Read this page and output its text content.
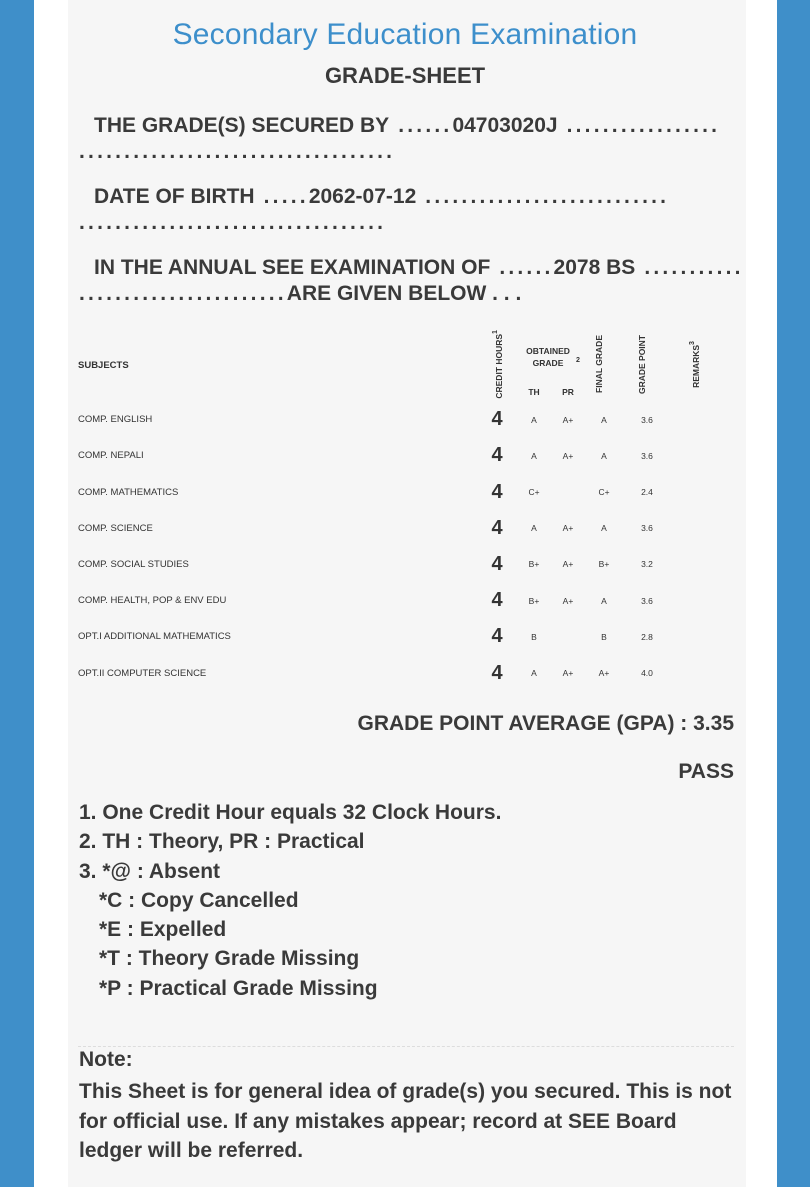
Secondary Education Examination
GRADE-SHEET
THE GRADE(S) SECURED BY ......04703020J .................
...................................
DATE OF BIRTH .....2062-07-12 ...........................
..................................
IN THE ANNUAL SEE EXAMINATION OF ......2078 BS ...........
.......................ARE GIVEN BELOW . . .
SUBJECTS	CREDIT HOURS$^1$	OBTAINED GRADE $^2$		FINAL GRADE	GRADE POINT	REMARKS$^3$
		TH	PR			
COMP. ENGLISH	4	A	A+	A	3.6	
COMP. NEPALI	4	A	A+	A	3.6	
COMP. MATHEMATICS	4	C+		C+	2.4	
COMP. SCIENCE	4	A	A+	A	3.6	
COMP. SOCIAL STUDIES	4	B+	A+	B+	3.2	
COMP. HEALTH, POP & ENV EDU	4	B+	A+	A	3.6	
OPT.I ADDITIONAL MATHEMATICS	4	B		B	2.8	
OPT.II COMPUTER SCIENCE	4	A	A+	A+	4.0	
GRADE POINT AVERAGE (GPA) : 3.35
PASS
1. One Credit Hour equals 32 Clock Hours.
2. TH : Theory, PR : Practical
3. *@ : Absent
*C : Copy Cancelled
*E : Expelled
*T : Theory Grade Missing
*P : Practical Grade Missing
Note:
This Sheet is for general idea of grade(s) you secured. This is not for official use. If any mistakes appear; record at SEE Board ledger will be referred.
